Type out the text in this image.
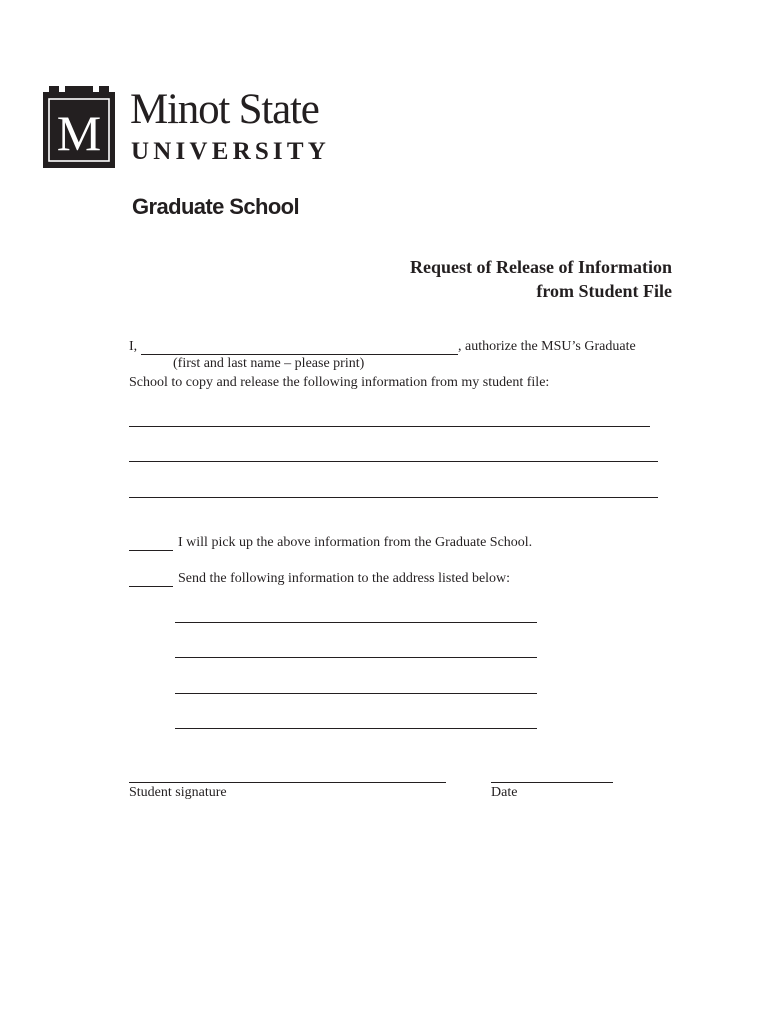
M Minot State
UNIVERSITY
Graduate School
Request of Release of Information
from Student File
I,	, authorize the MSU’s Graduate
(first and last name – please print)
School to copy and release the following information from my student file:
I will pick up the above information from the Graduate School.
Send the following information to the address listed below:
Student signature	Date
